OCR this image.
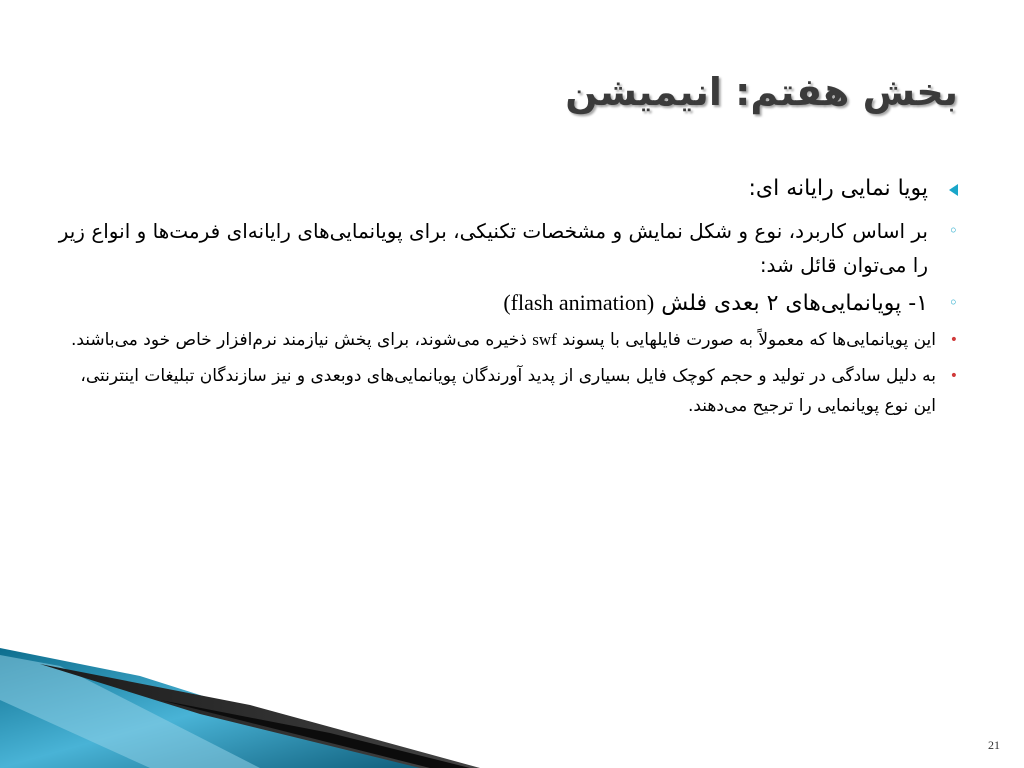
بخش هفتم: انیمیشن

پویا نمایی رایانه ای:

◦
بر اساس کاربرد، نوع و شکل نمایش و مشخصات تکنیکی، برای پویانمایی‌های رایانه‌ای فرمت‌ها و انواع زیر را می‌توان قائل شد:

◦
۱- پویانمایی‌های ۲ بعدی فلش (flash animation)

•
این پویانمایی‌ها که معمولاً به صورت فایلهایی با پسوند swf ذخیره می‌شوند، برای پخش نیازمند نرم‌افزار خاص خود می‌باشند.

•
به دلیل سادگی در تولید و حجم کوچک فایل بسیاری از پدید آورندگان پویانمایی‌های دوبعدی و نیز سازندگان تبلیغات اینترنتی، این نوع پویانمایی را ترجیح می‌دهند.

21
